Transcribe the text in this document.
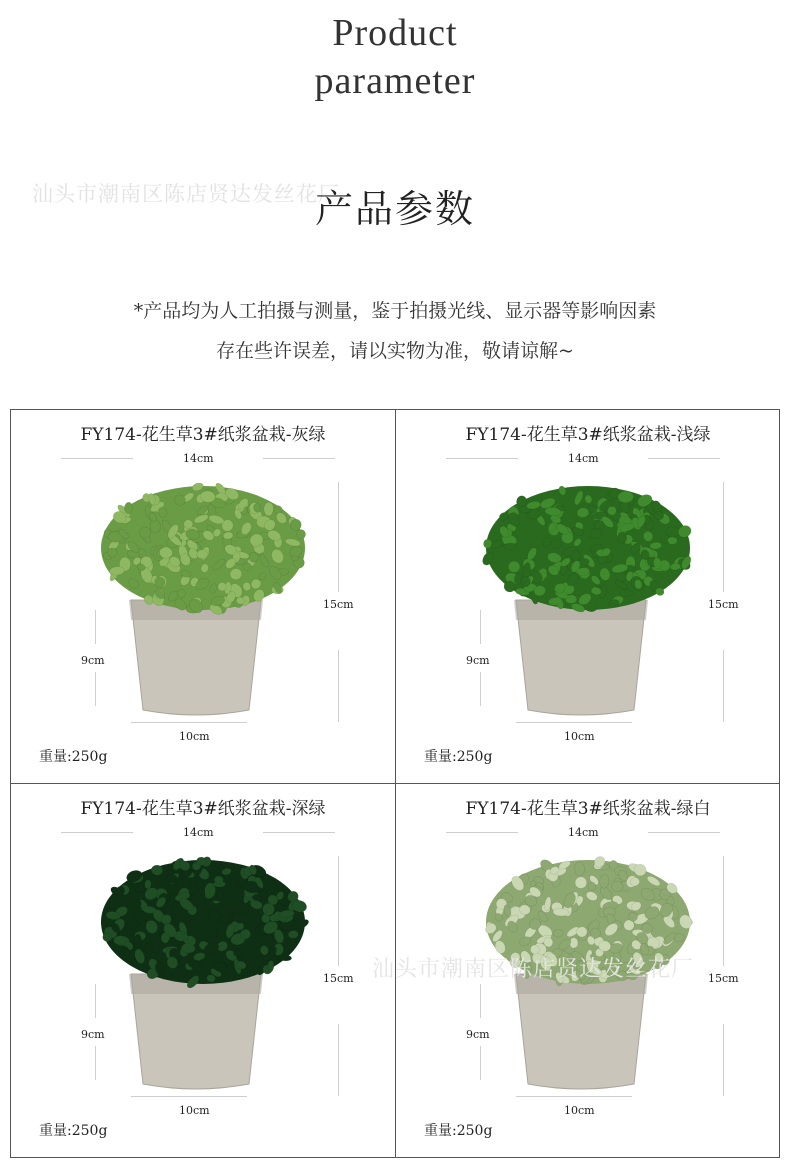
Product
parameter
汕头市潮南区陈店贤达发丝花厂
产品参数
*产品均为人工拍摄与测量，鉴于拍摄光线、显示器等影响因素
存在些许误差，请以实物为准，敬请谅解~
FY174-花生草3#纸浆盆栽-灰绿
14cm
15cm
9cm
10cm
重量:250g
FY174-花生草3#纸浆盆栽-浅绿
14cm
15cm
9cm
10cm
重量:250g
FY174-花生草3#纸浆盆栽-深绿
14cm
15cm
9cm
10cm
重量:250g
FY174-花生草3#纸浆盆栽-绿白
14cm
15cm
9cm
10cm
重量:250g
汕头市潮南区陈店贤达发丝花厂
